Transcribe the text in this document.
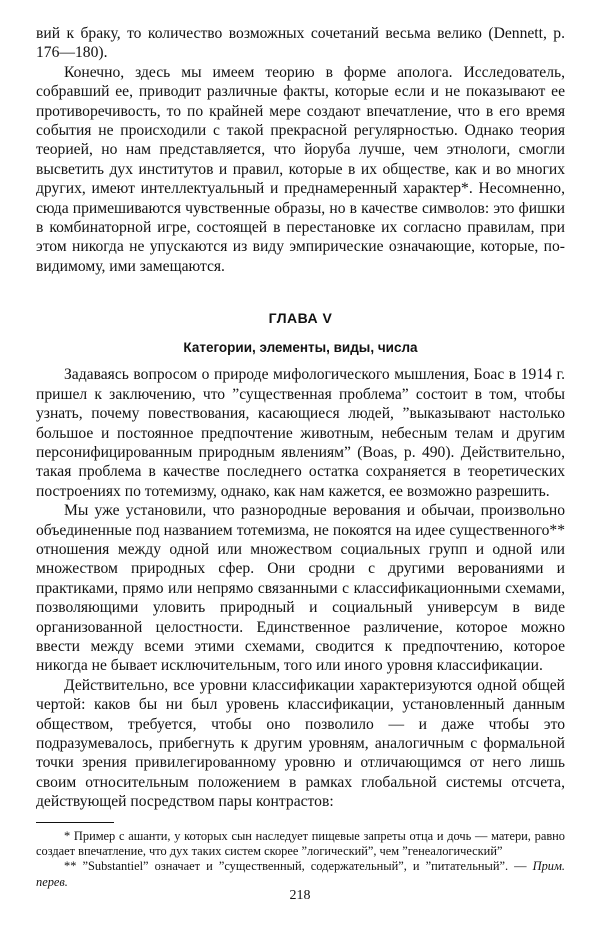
вий к браку, то количество возможных сочетаний весьма велико (Dennett, p. 176—180).

Конечно, здесь мы имеем теорию в форме аполога. Исследователь, собравший ее, приводит различные факты, которые если и не показывают ее противоречивость, то по крайней мере создают впечатление, что в его время события не происходили с такой прекрасной регулярностью. Однако теория теорией, но нам представляется, что йоруба лучше, чем этнологи, смогли высветить дух институтов и правил, которые в их обществе, как и во многих других, имеют интеллектуальный и преднамеренный характер*. Несомненно, сюда примешиваются чувственные образы, но в качестве символов: это фишки в комбинаторной игре, состоящей в перестановке их согласно правилам, при этом никогда не упускаются из виду эмпирические означающие, которые, по-видимому, ими замещаются.

ГЛАВА V
Категории, элементы, виды, числа

Задаваясь вопросом о природе мифологического мышления, Боас в 1914 г. пришел к заключению, что ”существенная проблема” состоит в том, чтобы узнать, почему повествования, касающиеся людей, ”выказывают настолько большое и постоянное предпочтение животным, небесным телам и другим персонифицированным природным явлениям” (Boas, p. 490). Действительно, такая проблема в качестве последнего остатка сохраняется в теоретических построениях по тотемизму, однако, как нам кажется, ее возможно разрешить.

Мы уже установили, что разнородные верования и обычаи, произвольно объединенные под названием тотемизма, не покоятся на идее существенного** отношения между одной или множеством социальных групп и одной или множеством природных сфер. Они сродни с другими верованиями и практиками, прямо или непрямо связанными с классификационными схемами, позволяющими уловить природный и социальный универсум в виде организованной целостности. Единственное различение, которое можно ввести между всеми этими схемами, сводится к предпочтению, которое никогда не бывает исключительным, того или иного уровня классификации.

Действительно, все уровни классификации характеризуются одной общей чертой: каков бы ни был уровень классификации, установленный данным обществом, требуется, чтобы оно позволило — и даже чтобы это подразумевалось, прибегнуть к другим уровням, аналогичным с формальной точки зрения привилегированному уровню и отличающимся от него лишь своим относительным положением в рамках глобальной системы отсчета, действующей посредством пары контрастов:

* Пример с ашанти, у которых сын наследует пищевые запреты отца и дочь — матери, равно создает впечатление, что дух таких систем скорее ”логический”, чем ”генеалогический”

** ”Substantiel” означает и ”существенный, содержательный”, и ”питательный”. — Прим. перев.

218
